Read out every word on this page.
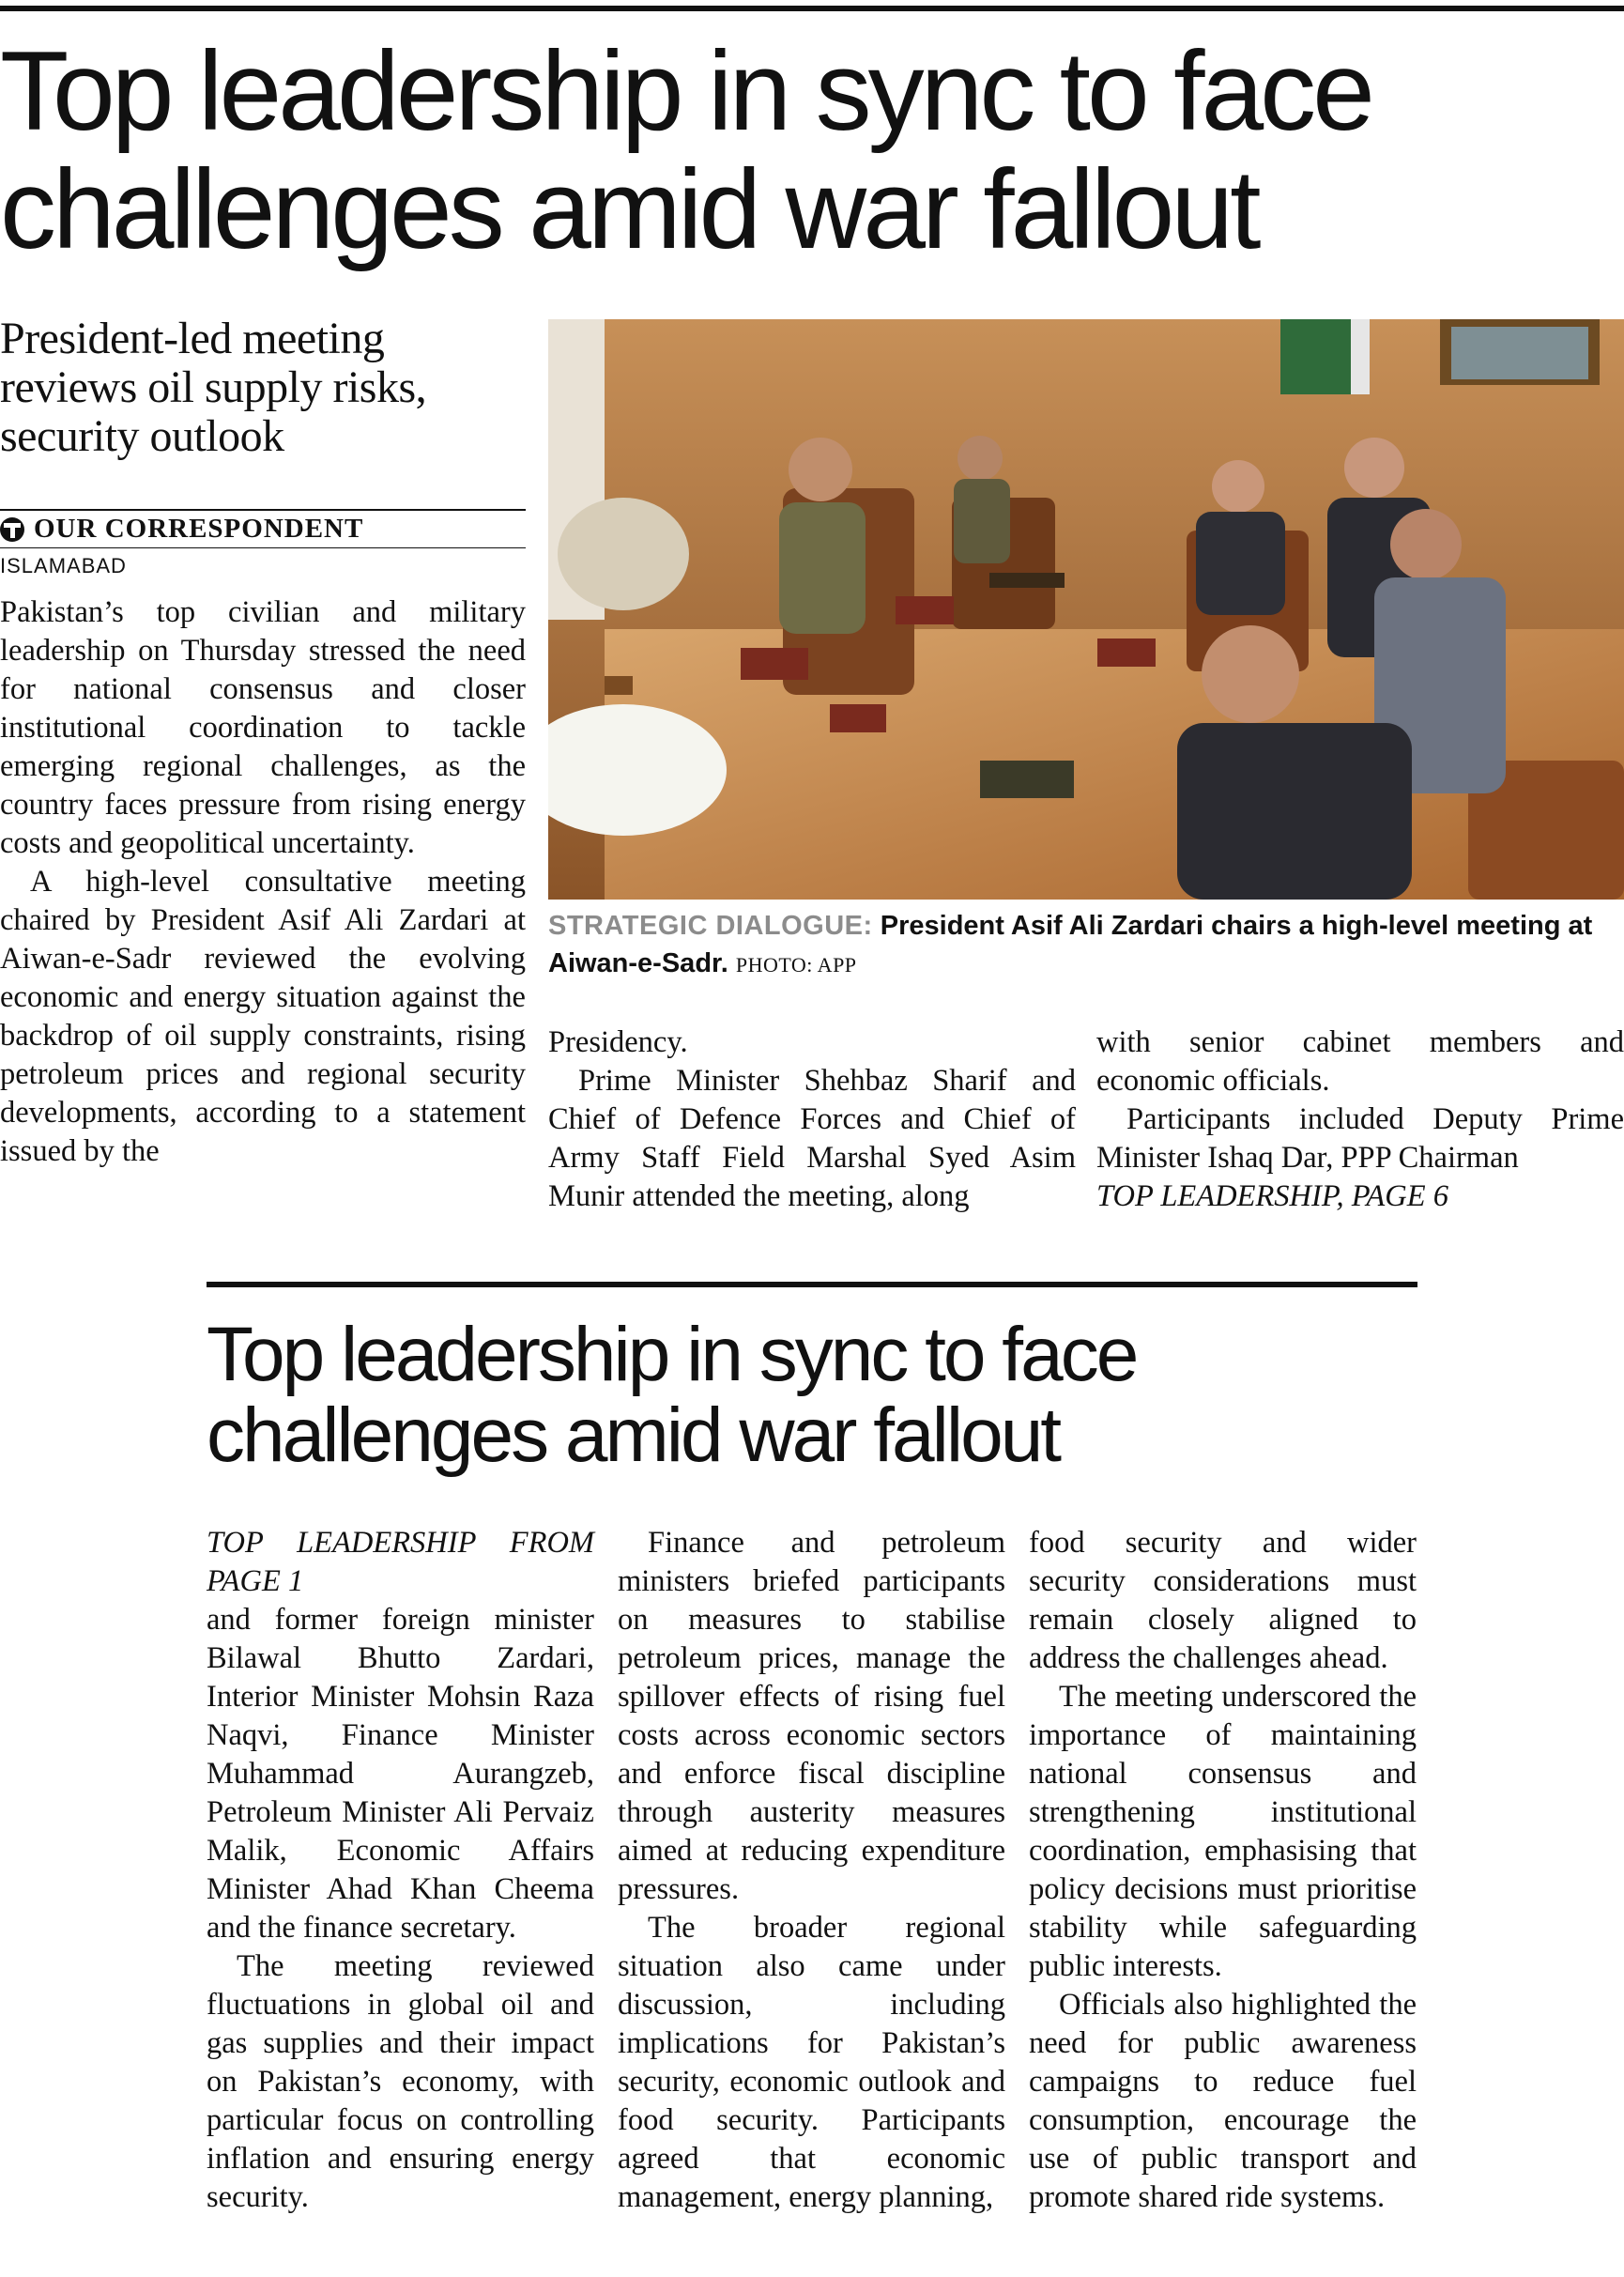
Top leadership in sync to face challenges amid war fallout
President-led meeting reviews oil supply risks, security outlook
OUR CORRESPONDENT
ISLAMABAD

Pakistan’s top civilian and military leadership on Thursday stressed the need for national consensus and closer institutional coordination to tackle emerging regional challenges, as the country faces pressure from rising energy costs and geopolitical uncertainty.

A high-level consultative meeting chaired by President Asif Ali Zardari at Aiwan-e-Sadr reviewed the evolving economic and energy situation against the backdrop of oil supply constraints, rising petroleum prices and regional security developments, according to a statement issued by the

STRATEGIC DIALOGUE: President Asif Ali Zardari chairs a high-level meeting at Aiwan-e-Sadr. PHOTO: APP

Presidency.

Prime Minister Shehbaz Sharif and Chief of Defence Forces and Chief of Army Staff Field Marshal Syed Asim Munir attended the meeting, along

with senior cabinet members and economic officials.

Participants included Deputy Prime Minister Ishaq Dar, PPP Chairman

TOP LEADERSHIP, PAGE 6

Top leadership in sync to face challenges amid war fallout

TOP LEADERSHIP FROM PAGE 1

and former foreign minister Bilawal Bhutto Zardari, Interior Minister Mohsin Raza Naqvi, Finance Minister Muhammad Aurangzeb, Petroleum Minister Ali Pervaiz Malik, Economic Affairs Minister Ahad Khan Cheema and the finance secretary.

The meeting reviewed fluctuations in global oil and gas supplies and their impact on Pakistan’s economy, with particular focus on controlling inflation and ensuring energy security.

Finance and petroleum ministers briefed participants on measures to stabilise petroleum prices, manage the spillover effects of rising fuel costs across economic sectors and enforce fiscal discipline through austerity measures aimed at reducing expenditure pressures.

The broader regional situation also came under discussion, including implications for Pakistan’s security, economic outlook and food security. Participants agreed that economic management, energy planning,

food security and wider security considerations must remain closely aligned to address the challenges ahead.

The meeting underscored the importance of maintaining national consensus and strengthening institutional coordination, emphasising that policy decisions must prioritise stability while safeguarding public interests.

Officials also highlighted the need for public awareness campaigns to reduce fuel consumption, encourage the use of public transport and promote shared ride systems.
